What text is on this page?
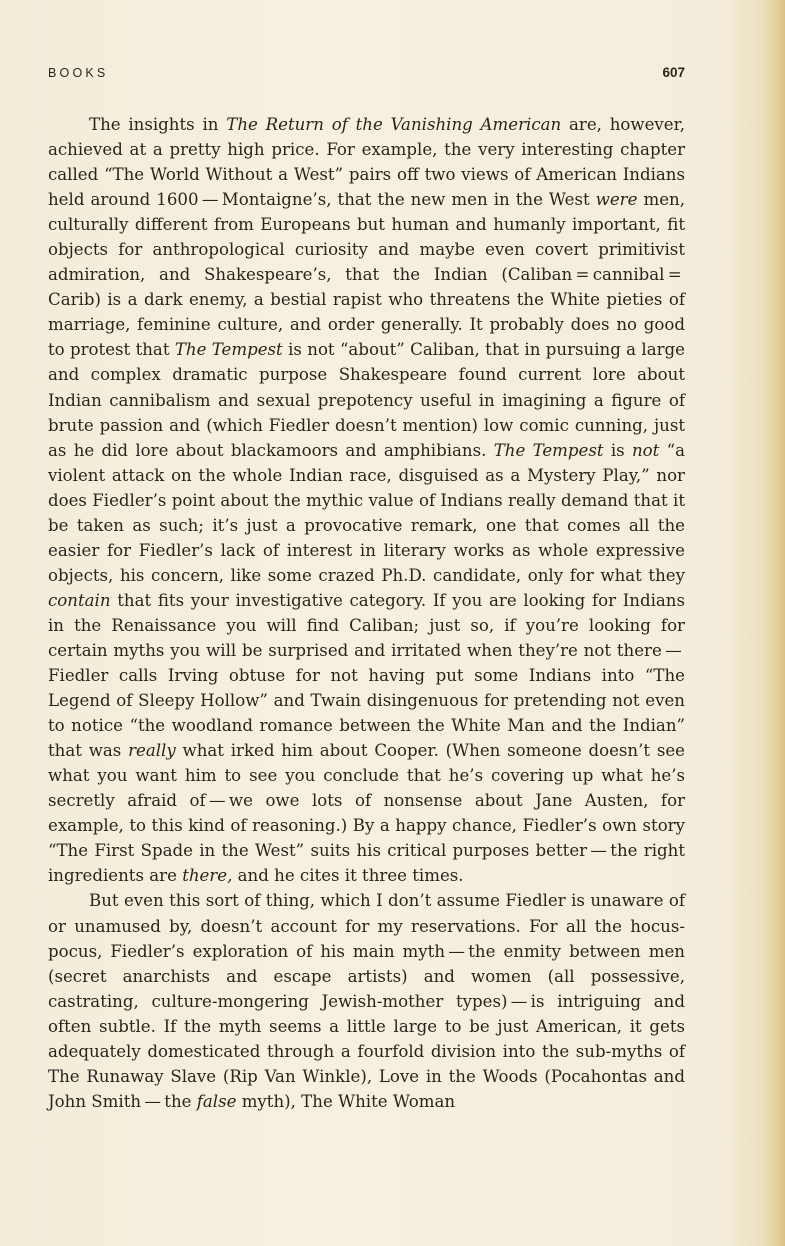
BOOKS	607

The insights in The Return of the Vanishing American are, however, achieved at a pretty high price. For example, the very interesting chapter called “The World Without a West” pairs off two views of American Indians held around 1600 — Montaigne’s, that the new men in the West were men, culturally different from Europeans but human and humanly important, fit objects for anthropological curiosity and maybe even covert primitivist admiration, and Shakespeare’s, that the Indian (Caliban = cannibal = Carib) is a dark enemy, a bestial rapist who threatens the White pieties of marriage, feminine culture, and order generally. It probably does no good to protest that The Tempest is not “about” Caliban, that in pursuing a large and complex dramatic purpose Shakespeare found current lore about Indian cannibalism and sexual prepotency useful in imagining a figure of brute passion and (which Fiedler doesn’t mention) low comic cunning, just as he did lore about blackamoors and amphibians. The Tempest is not “a violent attack on the whole Indian race, disguised as a Mystery Play,” nor does Fiedler’s point about the mythic value of Indians really demand that it be taken as such; it’s just a provocative remark, one that comes all the easier for Fiedler’s lack of interest in literary works as whole expressive objects, his concern, like some crazed Ph.D. candidate, only for what they contain that fits your investigative category. If you are looking for Indians in the Renaissance you will find Caliban; just so, if you’re looking for certain myths you will be surprised and irritated when they’re not there — Fiedler calls Irving obtuse for not having put some Indians into “The Legend of Sleepy Hollow” and Twain disingenuous for pretending not even to notice “the woodland romance between the White Man and the Indian” that was really what irked him about Cooper. (When someone doesn’t see what you want him to see you conclude that he’s covering up what he’s secretly afraid of — we owe lots of nonsense about Jane Austen, for example, to this kind of reasoning.) By a happy chance, Fiedler’s own story “The First Spade in the West” suits his critical purposes better — the right ingredients are there, and he cites it three times.

But even this sort of thing, which I don’t assume Fiedler is unaware of or unamused by, doesn’t account for my reservations. For all the hocus-pocus, Fiedler’s exploration of his main myth — the enmity between men (secret anarchists and escape artists) and women (all possessive, castrating, culture-mongering Jewish-mother types) — is intriguing and often subtle. If the myth seems a little large to be just American, it gets adequately domesticated through a fourfold division into the sub-myths of The Runaway Slave (Rip Van Winkle), Love in the Woods (Pocahontas and John Smith — the false myth), The White Woman
